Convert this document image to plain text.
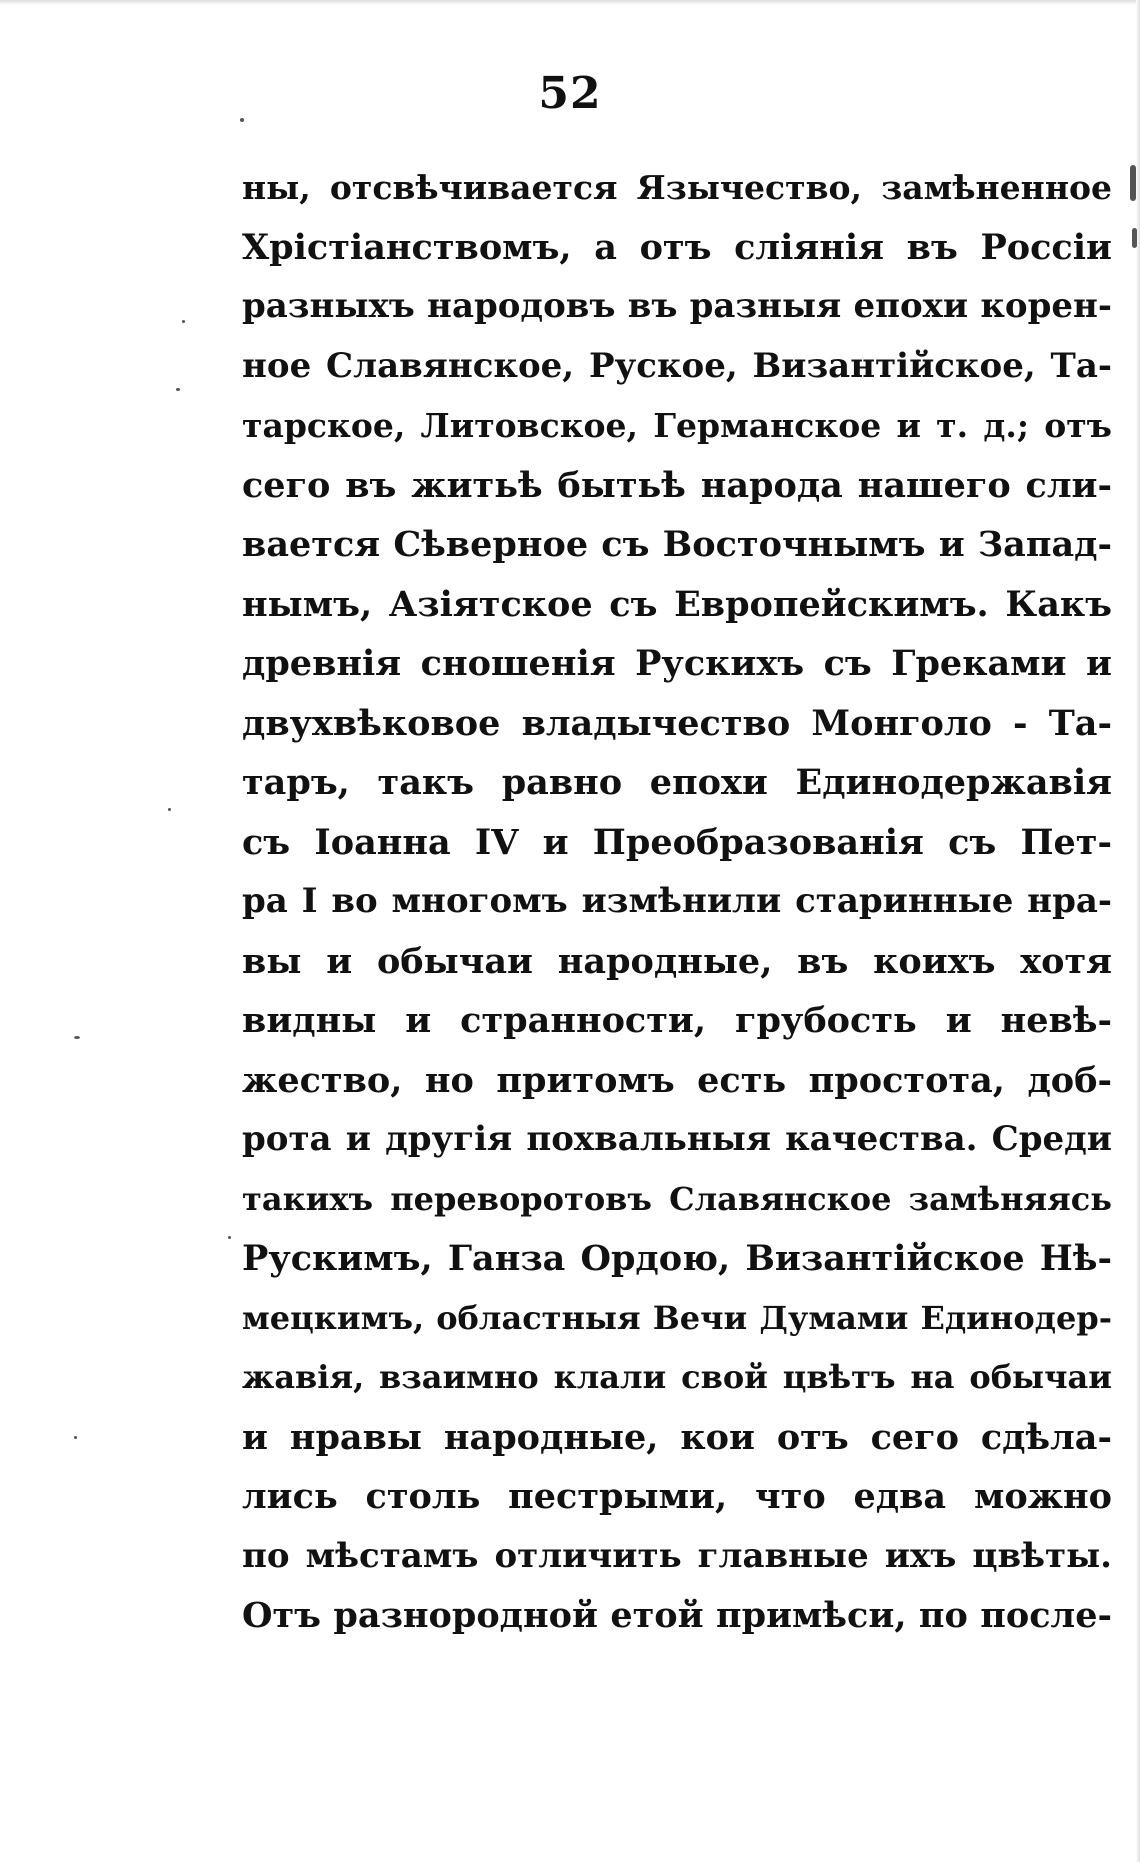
52
ны, отсвѣчивается Язычество, замѣненное
Хрістіанствомъ, а отъ сліянія въ Россіи
разныхъ народовъ въ разныя епохи корен-
ное Славянское, Руское, Византійское, Та-
тарское, Литовское, Германское и т. д.; отъ
сего въ житьѣ бытьѣ народа нашего сли-
вается Сѣверное съ Восточнымъ и Запад-
нымъ, Азіятское съ Европейскимъ. Какъ
древнія сношенія Рускихъ съ Греками и
двухвѣковое владычество Монголо - Та-
таръ, такъ равно епохи Единодержавія
съ Іоанна IV и Преобразованія съ Пет-
ра I во многомъ измѣнили старинные нра-
вы и обычаи народные, въ коихъ хотя
видны и странности, грубость и невѣ-
жество, но притомъ есть простота, доб-
рота и другія похвальныя качества. Среди
такихъ переворотовъ Славянское замѣняясь
Рускимъ, Ганза Ордою, Византійское Нѣ-
мецкимъ, областныя Вечи Думами Единодер-
жавія, взаимно клали свой цвѣтъ на обычаи
и нравы народные, кои отъ сего сдѣла-
лись столь пестрыми, что едва можно
по мѣстамъ отличить главные ихъ цвѣты.
Отъ разнородной етой примѣси, по после-
